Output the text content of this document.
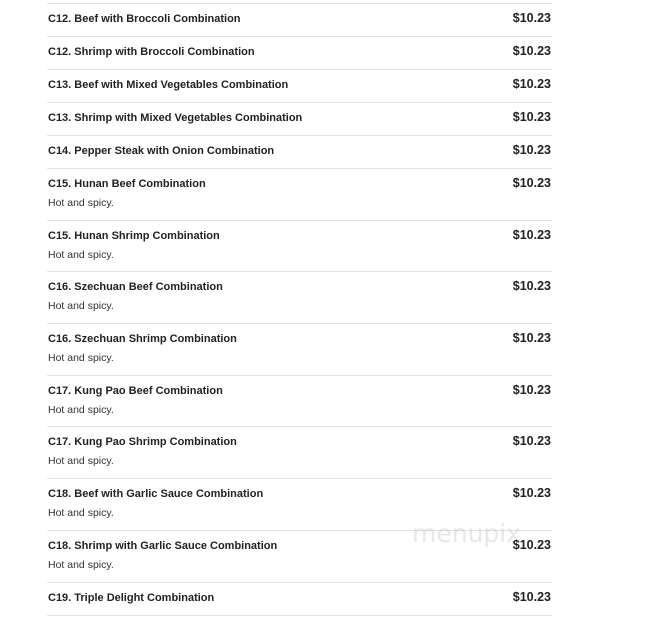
C12. Beef with Broccoli Combination	$10.23
C12. Shrimp with Broccoli Combination	$10.23
C13. Beef with Mixed Vegetables Combination	$10.23
C13. Shrimp with Mixed Vegetables Combination	$10.23
C14. Pepper Steak with Onion Combination	$10.23
C15. Hunan Beef Combination	$10.23
Hot and spicy.
C15. Hunan Shrimp Combination	$10.23
Hot and spicy.
C16. Szechuan Beef Combination	$10.23
Hot and spicy.
C16. Szechuan Shrimp Combination	$10.23
Hot and spicy.
C17. Kung Pao Beef Combination	$10.23
Hot and spicy.
C17. Kung Pao Shrimp Combination	$10.23
Hot and spicy.
C18. Beef with Garlic Sauce Combination	$10.23
Hot and spicy.
C18. Shrimp with Garlic Sauce Combination	$10.23
Hot and spicy.
C19. Triple Delight Combination	$10.23
menupix
